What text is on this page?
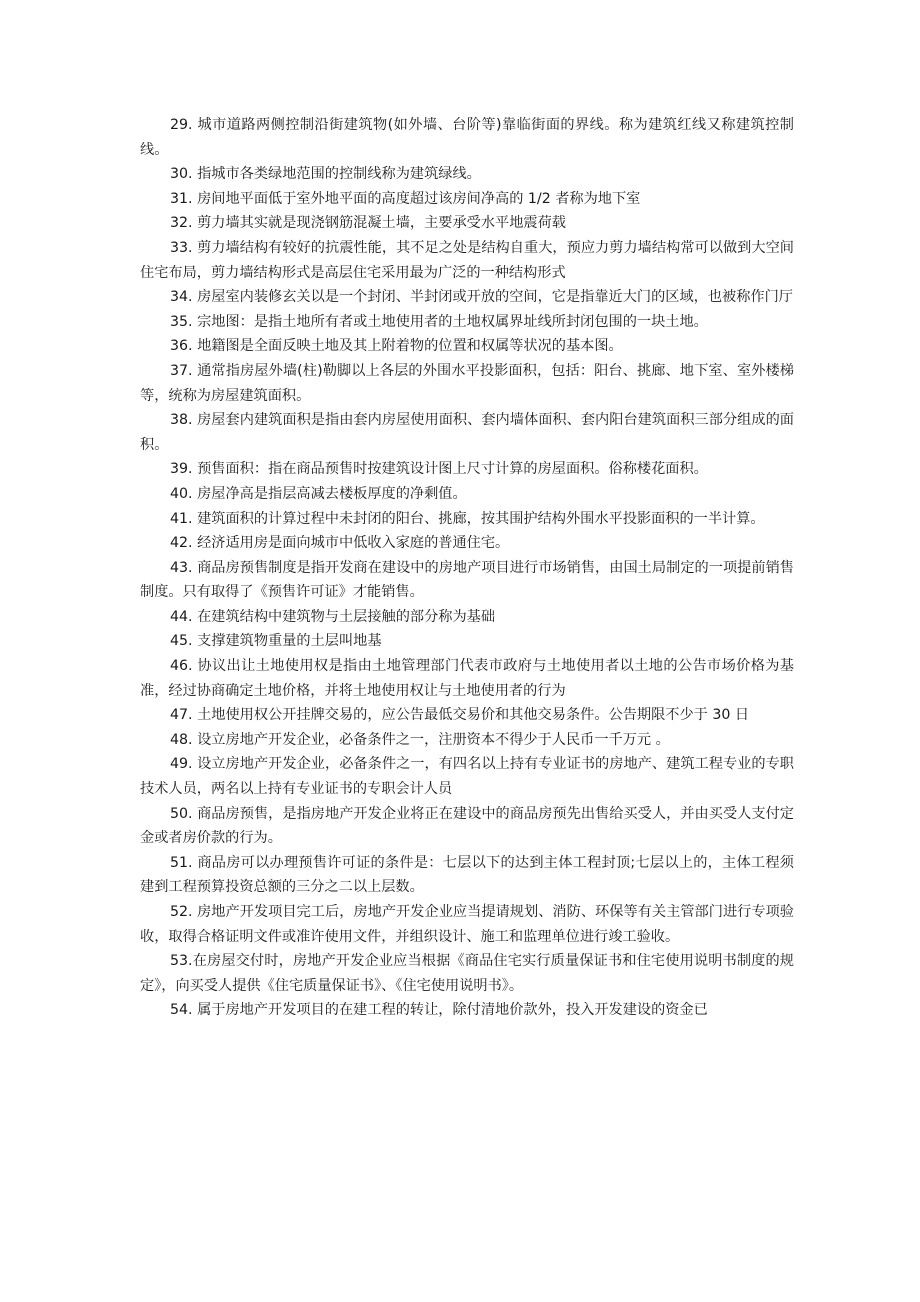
29. 城市道路两侧控制沿街建筑物(如外墙、台阶等)靠临街面的界线。称为建筑红线又称建筑控制线。

30. 指城市各类绿地范围的控制线称为建筑绿线。

31. 房间地平面低于室外地平面的高度超过该房间净高的 1/2 者称为地下室

32. 剪力墙其实就是现浇钢筋混凝土墙，主要承受水平地震荷载

33. 剪力墙结构有较好的抗震性能，其不足之处是结构自重大，预应力剪力墙结构常可以做到大空间住宅布局，剪力墙结构形式是高层住宅采用最为广泛的一种结构形式

34. 房屋室内装修玄关以是一个封闭、半封闭或开放的空间，它是指靠近大门的区域，也被称作门厅

35. 宗地图：是指土地所有者或土地使用者的土地权属界址线所封闭包围的一块土地。

36. 地籍图是全面反映土地及其上附着物的位置和权属等状况的基本图。

37. 通常指房屋外墙(柱)勒脚以上各层的外围水平投影面积，包括：阳台、挑廊、地下室、室外楼梯等，统称为房屋建筑面积。

38. 房屋套内建筑面积是指由套内房屋使用面积、套内墙体面积、套内阳台建筑面积三部分组成的面积。

39. 预售面积：指在商品预售时按建筑设计图上尺寸计算的房屋面积。俗称楼花面积。

40. 房屋净高是指层高减去楼板厚度的净剩值。

41. 建筑面积的计算过程中未封闭的阳台、挑廊，按其围护结构外围水平投影面积的一半计算。

42. 经济适用房是面向城市中低收入家庭的普通住宅。

43. 商品房预售制度是指开发商在建设中的房地产项目进行市场销售，由国土局制定的一项提前销售制度。只有取得了《预售许可证》才能销售。

44. 在建筑结构中建筑物与土层接触的部分称为基础

45. 支撑建筑物重量的土层叫地基

46. 协议出让土地使用权是指由土地管理部门代表市政府与土地使用者以土地的公告市场价格为基准，经过协商确定土地价格，并将土地使用权让与土地使用者的行为

47. 土地使用权公开挂牌交易的，应公告最低交易价和其他交易条件。公告期限不少于 30 日

48. 设立房地产开发企业，必备条件之一，注册资本不得少于人民币一千万元 。

49. 设立房地产开发企业，必备条件之一，有四名以上持有专业证书的房地产、建筑工程专业的专职技术人员，两名以上持有专业证书的专职会计人员

50. 商品房预售，是指房地产开发企业将正在建设中的商品房预先出售给买受人，并由买受人支付定金或者房价款的行为。

51. 商品房可以办理预售许可证的条件是：七层以下的达到主体工程封顶;七层以上的，主体工程须建到工程预算投资总额的三分之二以上层数。

52. 房地产开发项目完工后，房地产开发企业应当提请规划、消防、环保等有关主管部门进行专项验收，取得合格证明文件或准许使用文件，并组织设计、施工和监理单位进行竣工验收。

53.在房屋交付时，房地产开发企业应当根据《商品住宅实行质量保证书和住宅使用说明书制度的规定》，向买受人提供《住宅质量保证书》、《住宅使用说明书》。

54. 属于房地产开发项目的在建工程的转让，除付清地价款外，投入开发建设的资金已
